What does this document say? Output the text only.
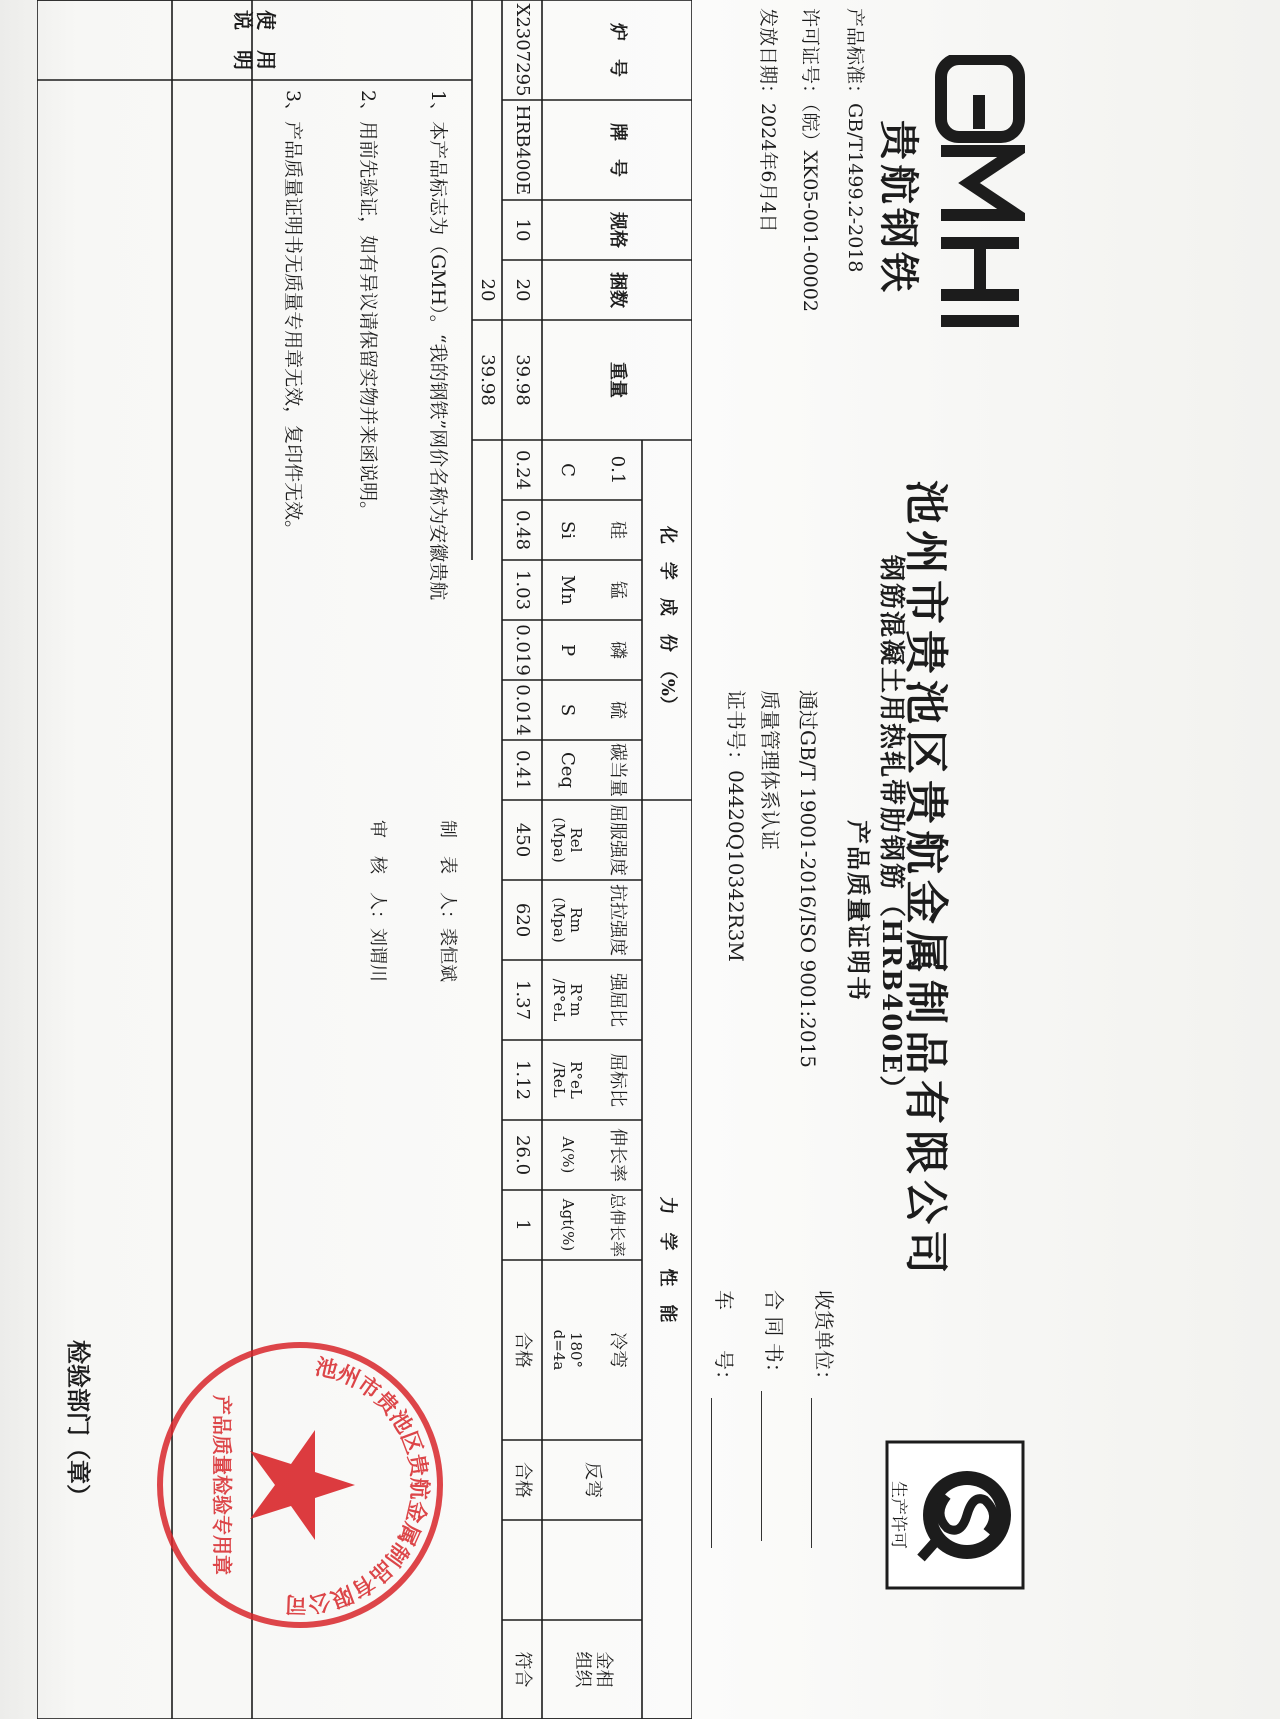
贵航钢铁
产品标准：GB/T1499.2-2018
许可证号：（皖）XK05-001-00002
发放日期：2024年6月4日
池州市贵池区贵航金属制品有限公司
钢筋混凝土用热轧带肋钢筋（HRB400E）
产品质量证明书
通过GB/T 19001-2016/ISO 9001:2015
质量管理体系认证
证书号：04420Q10342R3M
生产许可
收货单位：
合 同 书：
车　　号：
炉　号
牌　号
规格
捆数
重量
化　学　成　份　（%）
力　学　性　能
0.1
C
硅
Si
锰
Mn
磷
P
硫
S
碳当量
Ceq
屈服强度
Rel
(Mpa)
抗拉强度
Rm
(Mpa)
强屈比
R°m
/R°eL
屈标比
R°eL
/ReL
伸长率
A(%)
总伸长率
Agt(%)
冷弯
180°
d=4a
反弯
金相
组织
X2307295
HRB400E
10
20
39.98
0.24
0.48
1.03
0.019
0.014
0.41
450
620
1.37
1.12
26.0
1
合格
合格
符合
20
39.98
使　用
说　明
1、本产品标志为（GMH）。“我的钢铁”网价名称为安徽贵航
2、用前先验证，如有异议请保留实物并来函说明。
3、产品质量证明书无质量专用章无效，复印件无效。
制　表　人：
裘恒斌
审　核　人：
刘谓川
检验部门（章）	池州市贵池区贵航金属制品有限公司
产品质量检验专用章
